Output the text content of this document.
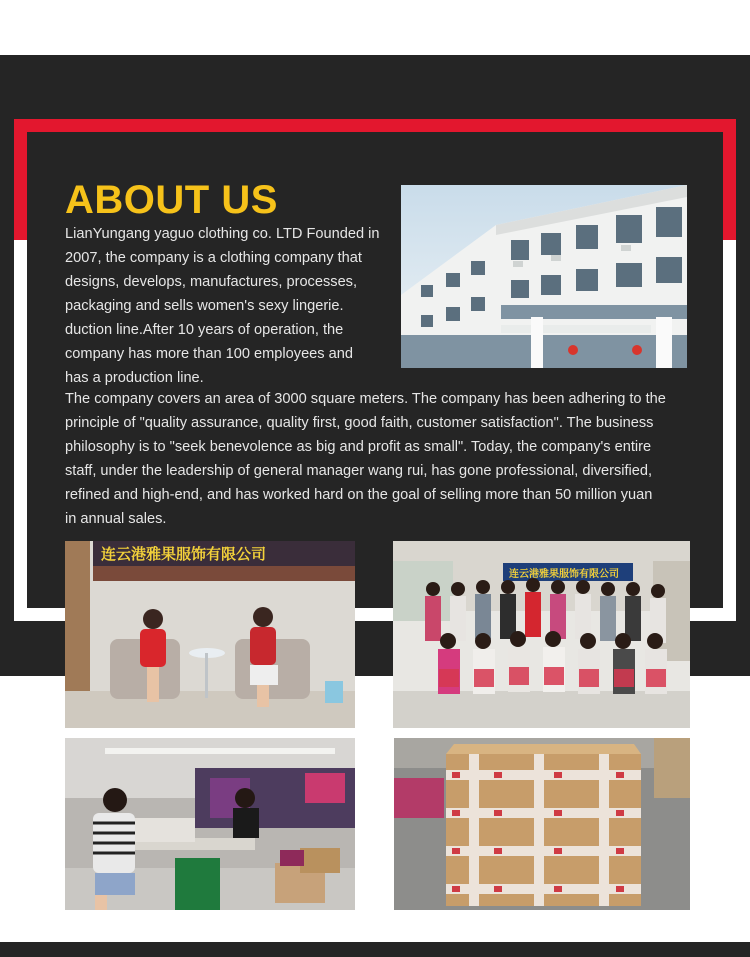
ABOUT US
LianYungang yaguo clothing co. LTD Founded in
2007, the company is a clothing company that
designs, develops, manufactures, processes,
packaging and sells women's sexy lingerie.
duction line.After 10 years of operation, the
company has more than 100 employees and
has a production line.
The company covers an area of 3000 square meters. The company has been adhering to the
principle of "quality assurance, quality first, good faith, customer satisfaction". The business
philosophy is to "seek benevolence as big and profit as small". Today, the company's entire
staff, under the leadership of general manager wang rui, has gone professional, diversified,
refined and high-end, and has worked hard on the goal of selling more than 50 million yuan
in annual sales.
连云港雅果服饰有限公司
连云港雅果服饰有限公司
